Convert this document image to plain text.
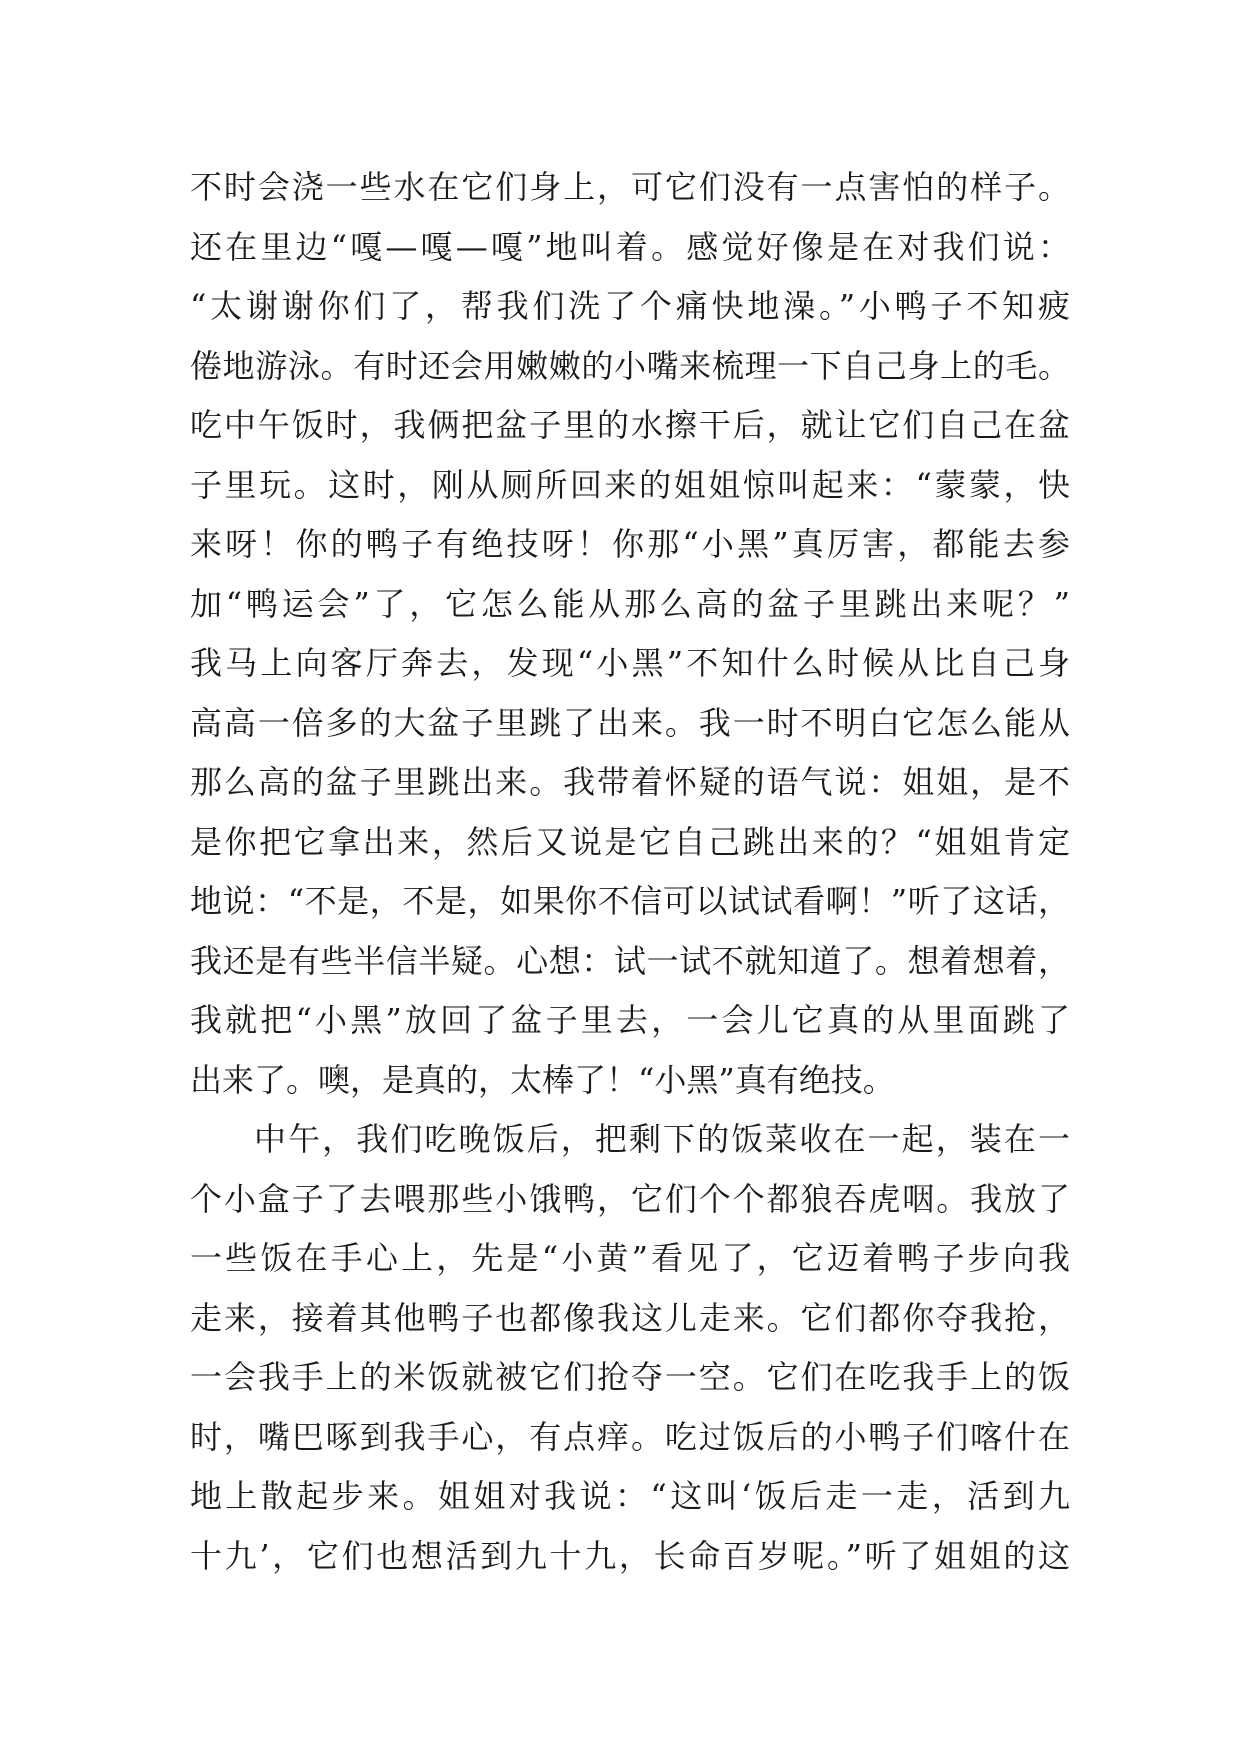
不时会浇一些水在它们身上，可它们没有一点害怕的样子。
还在里边“嘎—嘎—嘎”地叫着。感觉好像是在对我们说：
“太谢谢你们了，帮我们洗了个痛快地澡。”小鸭子不知疲
倦地游泳。有时还会用嫩嫩的小嘴来梳理一下自己身上的毛。
吃中午饭时，我俩把盆子里的水擦干后，就让它们自己在盆
子里玩。这时，刚从厕所回来的姐姐惊叫起来：“蒙蒙，快
来呀！你的鸭子有绝技呀！你那“小黑”真厉害，都能去参
加“鸭运会”了，它怎么能从那么高的盆子里跳出来呢？”
我马上向客厅奔去，发现“小黑”不知什么时候从比自己身
高高一倍多的大盆子里跳了出来。我一时不明白它怎么能从
那么高的盆子里跳出来。我带着怀疑的语气说：姐姐，是不
是你把它拿出来，然后又说是它自己跳出来的？“姐姐肯定
地说：“不是，不是，如果你不信可以试试看啊！”听了这话，
我还是有些半信半疑。心想：试一试不就知道了。想着想着，
我就把“小黑”放回了盆子里去，一会儿它真的从里面跳了
出来了。噢，是真的，太棒了！“小黑”真有绝技。
中午，我们吃晚饭后，把剩下的饭菜收在一起，装在一
个小盒子了去喂那些小饿鸭，它们个个都狼吞虎咽。我放了
一些饭在手心上，先是“小黄”看见了，它迈着鸭子步向我
走来，接着其他鸭子也都像我这儿走来。它们都你夺我抢，
一会我手上的米饭就被它们抢夺一空。它们在吃我手上的饭
时，嘴巴啄到我手心，有点痒。吃过饭后的小鸭子们喀什在
地上散起步来。姐姐对我说：“这叫‘饭后走一走，活到九
十九’，它们也想活到九十九，长命百岁呢。”听了姐姐的这
